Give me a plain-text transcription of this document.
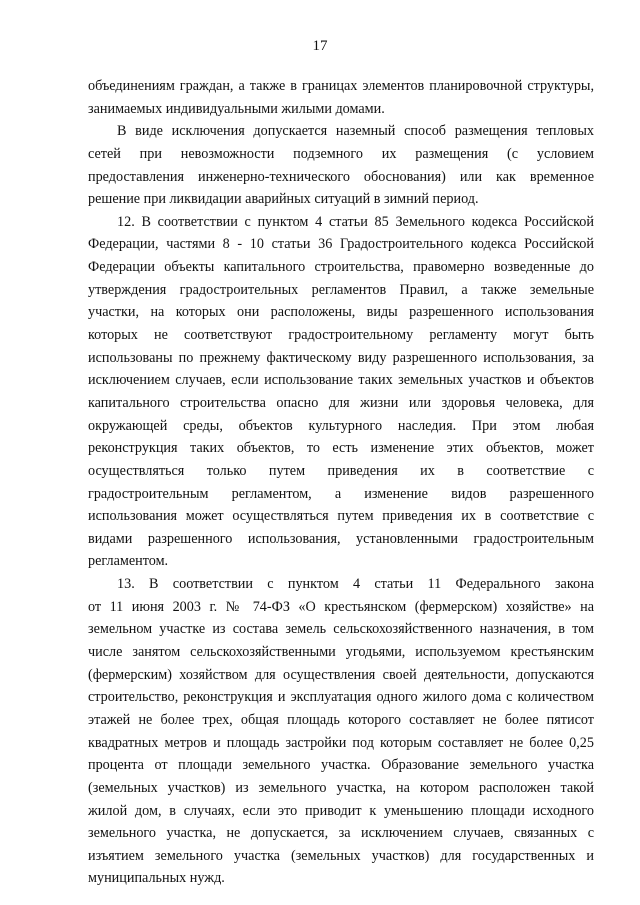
17
объединениям граждан, а также в границах элементов планировочной структуры,
занимаемых индивидуальными жилыми домами.
В виде исключения допускается наземный способ размещения тепловых
сетей при невозможности подземного их размещения (с условием
предоставления инженерно-технического обоснования) или как временное
решение при ликвидации аварийных ситуаций в зимний период.
12. В соответствии с пунктом 4 статьи 85 Земельного кодекса Российской
Федерации, частями 8 - 10 статьи 36 Градостроительного кодекса Российской
Федерации объекты капитального строительства, правомерно возведенные до
утверждения градостроительных регламентов Правил, а также земельные
участки, на которых они расположены, виды разрешенного использования
которых не соответствуют градостроительному регламенту могут быть
использованы по прежнему фактическому виду разрешенного использования, за
исключением случаев, если использование таких земельных участков и объектов
капитального строительства опасно для жизни или здоровья человека, для
окружающей среды, объектов культурного наследия. При этом любая
реконструкция таких объектов, то есть изменение этих объектов, может
осуществляться только путем приведения их в соответствие с
градостроительным регламентом, а изменение видов разрешенного
использования может осуществляться путем приведения их в соответствие с
видами разрешенного использования, установленными градостроительным
регламентом.
13. В соответствии с пунктом 4 статьи 11 Федерального закона
от 11 июня 2003 г. № 74-ФЗ «О крестьянском (фермерском) хозяйстве» на
земельном участке из состава земель сельскохозяйственного назначения, в том
числе занятом сельскохозяйственными угодьями, используемом крестьянским
(фермерским) хозяйством для осуществления своей деятельности, допускаются
строительство, реконструкция и эксплуатация одного жилого дома с количеством
этажей не более трех, общая площадь которого составляет не более пятисот
квадратных метров и площадь застройки под которым составляет не более 0,25
процента от площади земельного участка. Образование земельного участка
(земельных участков) из земельного участка, на котором расположен такой
жилой дом, в случаях, если это приводит к уменьшению площади исходного
земельного участка, не допускается, за исключением случаев, связанных с
изъятием земельного участка (земельных участков) для государственных и
муниципальных нужд.
